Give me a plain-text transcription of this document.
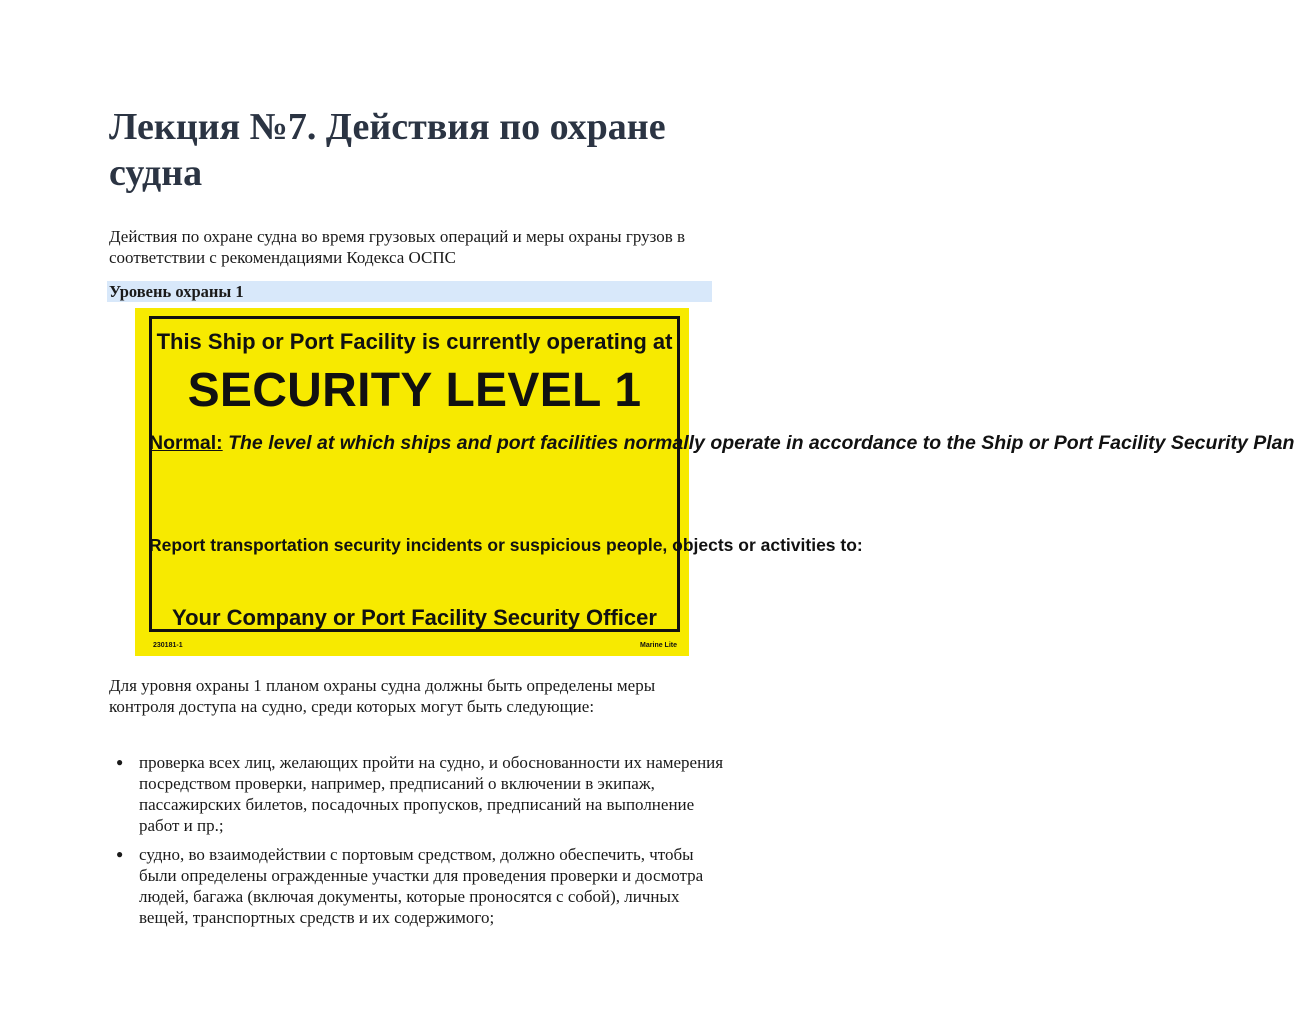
Лекция №7. Действия по охране судна

Действия по охране судна во время грузовых операций и меры охраны грузов в соответствии с рекомендациями Кодекса ОСПС

Уровень охраны 1

This Ship or Port Facility is currently operating at

SECURITY LEVEL 1

Normal: The level at which ships and port facilities normally operate in accordance to the Ship or Port Facility Security Plan

Report transportation security incidents or suspicious people, objects or activities to:

Your Company or Port Facility Security Officer

230181-1	Marine Lite

Для уровня охраны 1 планом охраны судна должны быть определены меры контроля доступа на судно, среди которых могут быть следующие:

● проверка всех лиц, желающих пройти на судно, и обоснованности их намерения посредством проверки, например, предписаний о включении в экипаж, пассажирских билетов, посадочных пропусков, предписаний на выполнение работ и пр.;
● судно, во взаимодействии с портовым средством, должно обеспечить, чтобы были определены огражденные участки для проведения проверки и досмотра людей, багажа (включая документы, которые проносятся с собой), личных вещей, транспортных средств и их содержимого;
